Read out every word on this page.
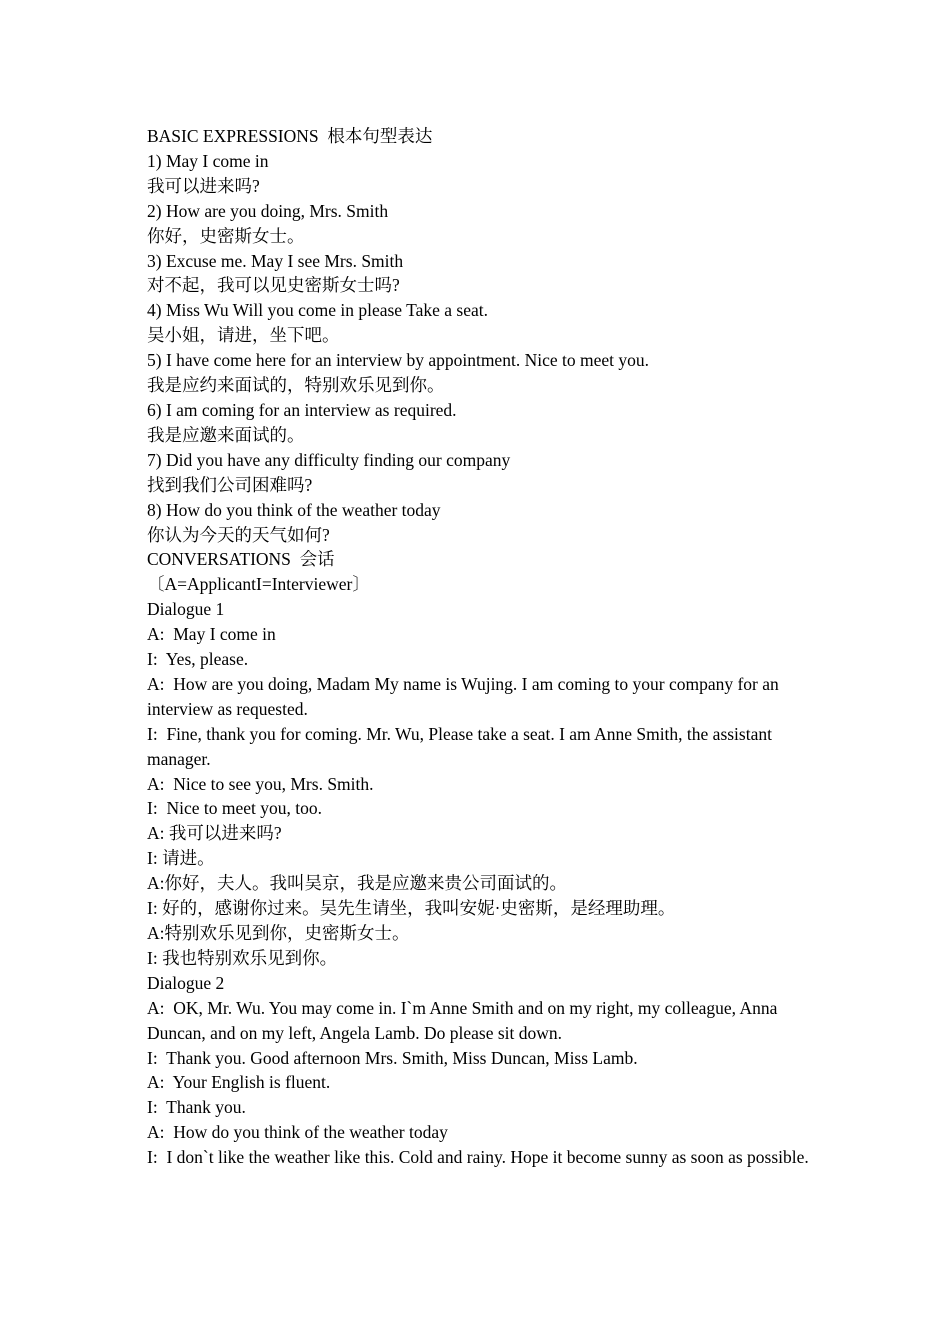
BASIC EXPRESSIONS  根本句型表达

1) May I come in

我可以进来吗?

2) How are you doing, Mrs. Smith

你好，史密斯女士。

3) Excuse me. May I see Mrs. Smith

对不起，我可以见史密斯女士吗?

4) Miss Wu Will you come in please Take a seat.

吴小姐，请进，坐下吧。

5) I have come here for an interview by appointment. Nice to meet you.

我是应约来面试的，特别欢乐见到你。

6) I am coming for an interview as required.

我是应邀来面试的。

7) Did you have any difficulty finding our company

找到我们公司困难吗?

8) How do you think of the weather today

你认为今天的天气如何?

CONVERSATIONS  会话

〔A=ApplicantI=Interviewer〕

Dialogue 1

A:  May I come in

I:  Yes, please.

A:  How are you doing, Madam My name is Wujing. I am coming to your company for an interview as requested.

I:  Fine, thank you for coming. Mr. Wu, Please take a seat. I am Anne Smith, the assistant manager.

A:  Nice to see you, Mrs. Smith.

I:  Nice to meet you, too.

A: 我可以进来吗?

I: 请进。

A:你好，夫人。我叫吴京，我是应邀来贵公司面试的。

I: 好的，感谢你过来。吴先生请坐，我叫安妮·史密斯，是经理助理。

A:特别欢乐见到你，史密斯女士。

I: 我也特别欢乐见到你。

Dialogue 2

A:  OK, Mr. Wu. You may come in. I`m Anne Smith and on my right, my colleague, Anna Duncan, and on my left, Angela Lamb. Do please sit down.

I:  Thank you. Good afternoon Mrs. Smith, Miss Duncan, Miss Lamb.

A:  Your English is fluent.

I:  Thank you.

A:  How do you think of the weather today

I:  I don`t like the weather like this. Cold and rainy. Hope it become sunny as soon as possible.
